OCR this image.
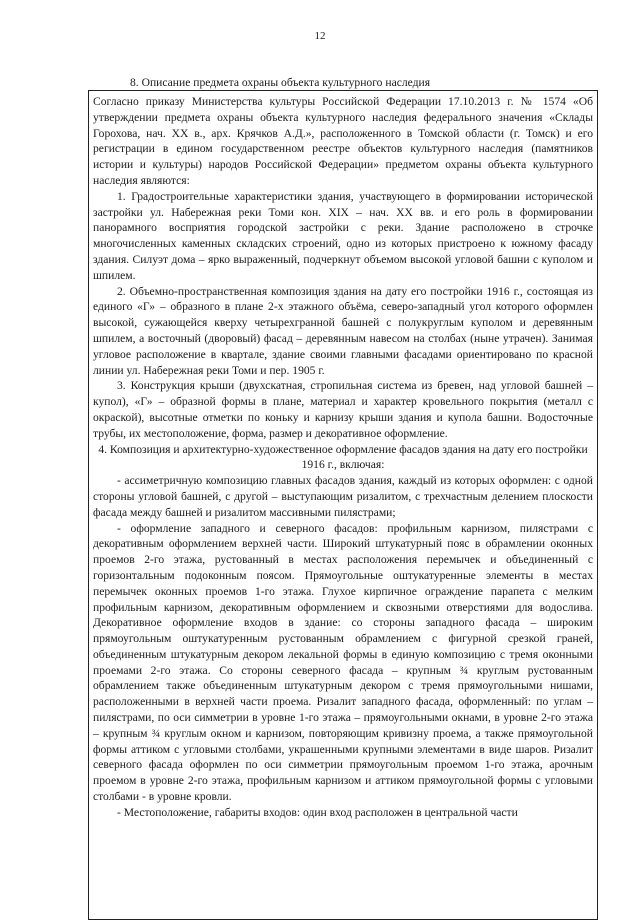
12
8. Описание предмета охраны объекта культурного наследия

Согласно приказу Министерства культуры Российской Федерации 17.10.2013 г. № 1574 «Об утверждении предмета охраны объекта культурного наследия федерального значения «Склады Горохова, нач. XX в., арх. Крячков А.Д.», расположенного в Томской области (г. Томск) и его регистрации в едином государственном реестре объектов культурного наследия (памятников истории и культуры) народов Российской Федерации» предметом охраны объекта культурного наследия являются:

1. Градостроительные характеристики здания, участвующего в формировании исторической застройки ул. Набережная реки Томи кон. XIX – нач. XX вв. и его роль в формировании панорамного восприятия городской застройки с реки. Здание расположено в строчке многочисленных каменных складских строений, одно из которых пристроено к южному фасаду здания. Силуэт дома – ярко выраженный, подчеркнут объемом высокой угловой башни с куполом и шпилем.

2. Объемно-пространственная композиция здания на дату его постройки 1916 г., состоящая из единого «Г» – образного в плане 2-х этажного объёма, северо-западный угол которого оформлен высокой, сужающейся кверху четырехгранной башней с полукруглым куполом и деревянным шпилем, а восточный (дворовый) фасад – деревянным навесом на столбах (ныне утрачен). Занимая угловое расположение в квартале, здание своими главными фасадами ориентировано по красной линии ул. Набережная реки Томи и пер. 1905 г.

3. Конструкция крыши (двухскатная, стропильная система из бревен, над угловой башней – купол), «Г» – образной формы в плане, материал и характер кровельного покрытия (металл с окраской), высотные отметки по коньку и карнизу крыши здания и купола башни. Водосточные трубы, их местоположение, форма, размер и декоративное оформление.

4. Композиция и архитектурно-художественное оформление фасадов здания на дату его постройки 1916 г., включая:

- ассиметричную композицию главных фасадов здания, каждый из которых оформлен: с одной стороны угловой башней, с другой – выступающим ризалитом, с трехчастным делением плоскости фасада между башней и ризалитом массивными пилястрами;

- оформление западного и северного фасадов: профильным карнизом, пилястрами с декоративным оформлением верхней части. Широкий штукатурный пояс в обрамлении оконных проемов 2-го этажа, рустованный в местах расположения перемычек и объединенный с горизонтальным подоконным поясом. Прямоугольные оштукатуренные элементы в местах перемычек оконных проемов 1-го этажа. Глухое кирпичное ограждение парапета с мелким профильным карнизом, декоративным оформлением и сквозными отверстиями для водослива. Декоративное оформление входов в здание: со стороны западного фасада – широким прямоугольным оштукатуренным рустованным обрамлением с фигурной срезкой граней, объединенным штукатурным декором лекальной формы в единую композицию с тремя оконными проемами 2-го этажа. Со стороны северного фасада – крупным ¾ круглым рустованным обрамлением также объединенным штукатурным декором с тремя прямоугольными нишами, расположенными в верхней части проема. Ризалит западного фасада, оформленный: по углам – пилястрами, по оси симметрии в уровне 1-го этажа – прямоугольными окнами, в уровне 2-го этажа – крупным ¾ круглым окном и карнизом, повторяющим кривизну проема, а также прямоугольной формы аттиком с угловыми столбами, украшенными крупными элементами в виде шаров. Ризалит северного фасада оформлен по оси симметрии прямоугольным проемом 1-го этажа, арочным проемом в уровне 2-го этажа, профильным карнизом и аттиком прямоугольной формы с угловыми столбами - в уровне кровли.

- Местоположение, габариты входов: один вход расположен в центральной части
